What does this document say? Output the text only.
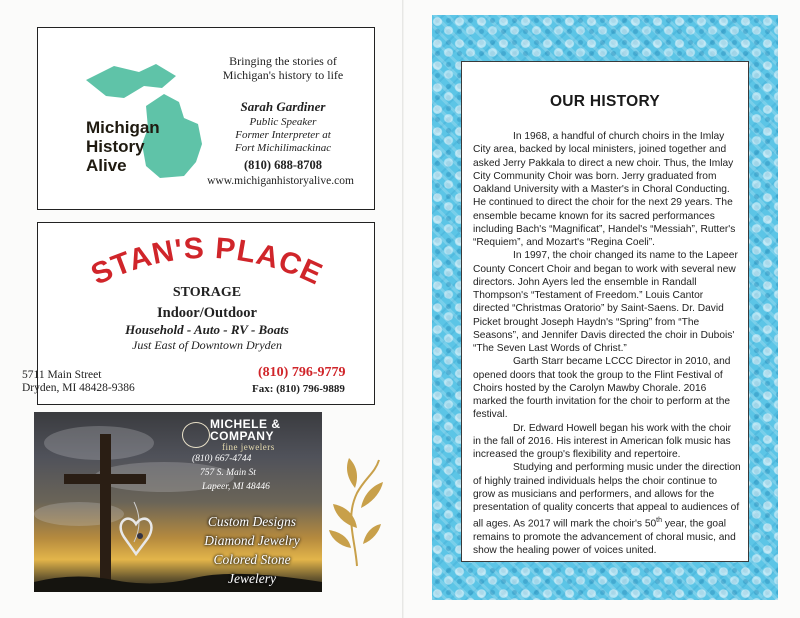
Michigan History Alive
Bringing the stories of Michigan's history to life
Sarah Gardiner
Public Speaker
Former Interpreter at
Fort Michilimackinac
(810) 688-8708
www.michiganhistoryalive.com
STAN'S PLACE
STORAGE
Indoor/Outdoor
Household - Auto - RV - Boats
Just East of Downtown Dryden
5711 Main Street
Dryden, MI 48428-9386
(810) 796-9779
Fax: (810) 796-9889
MICHELE &
COMPANY
fine jewelers
(810) 667-4744
757 S. Main St
Lapeer, MI 48446
Custom Designs
Diamond Jewelry
Colored Stone
Jewelery
OUR HISTORY

In 1968, a handful of church choirs in the Imlay City area, backed by local ministers, joined together and asked Jerry Pakkala to direct a new choir. Thus, the Imlay City Community Choir was born. Jerry graduated from Oakland University with a Master's in Choral Conducting. He continued to direct the choir for the next 29 years. The ensemble became known for its sacred performances including Bach's “Magnificat”, Handel's “Messiah”, Rutter's “Requiem”, and Mozart's “Regina Coeli”.

In 1997, the choir changed its name to the Lapeer County Concert Choir and began to work with several new directors. John Ayers led the ensemble in Randall Thompson's “Testament of Freedom.” Louis Cantor directed “Christmas Oratorio” by Saint-Saens. Dr. David Picket brought Joseph Haydn's “Spring” from “The Seasons”, and Jennifer Davis directed the choir in Dubois' “The Seven Last Words of Christ.”

Garth Starr became LCCC Director in 2010, and opened doors that took the group to the Flint Festival of Choirs hosted by the Carolyn Mawby Chorale. 2016 marked the fourth invitation for the choir to perform at the festival.

Dr. Edward Howell began his work with the choir in the fall of 2016. His interest in American folk music has increased the group's flexibility and repertoire.

Studying and performing music under the direction of highly trained individuals helps the choir continue to grow as musicians and performers, and allows for the presentation of quality concerts that appeal to audiences of all ages. As 2017 will mark the choir's 50th year, the goal remains to promote the advancement of choral music, and show the healing power of voices united.
